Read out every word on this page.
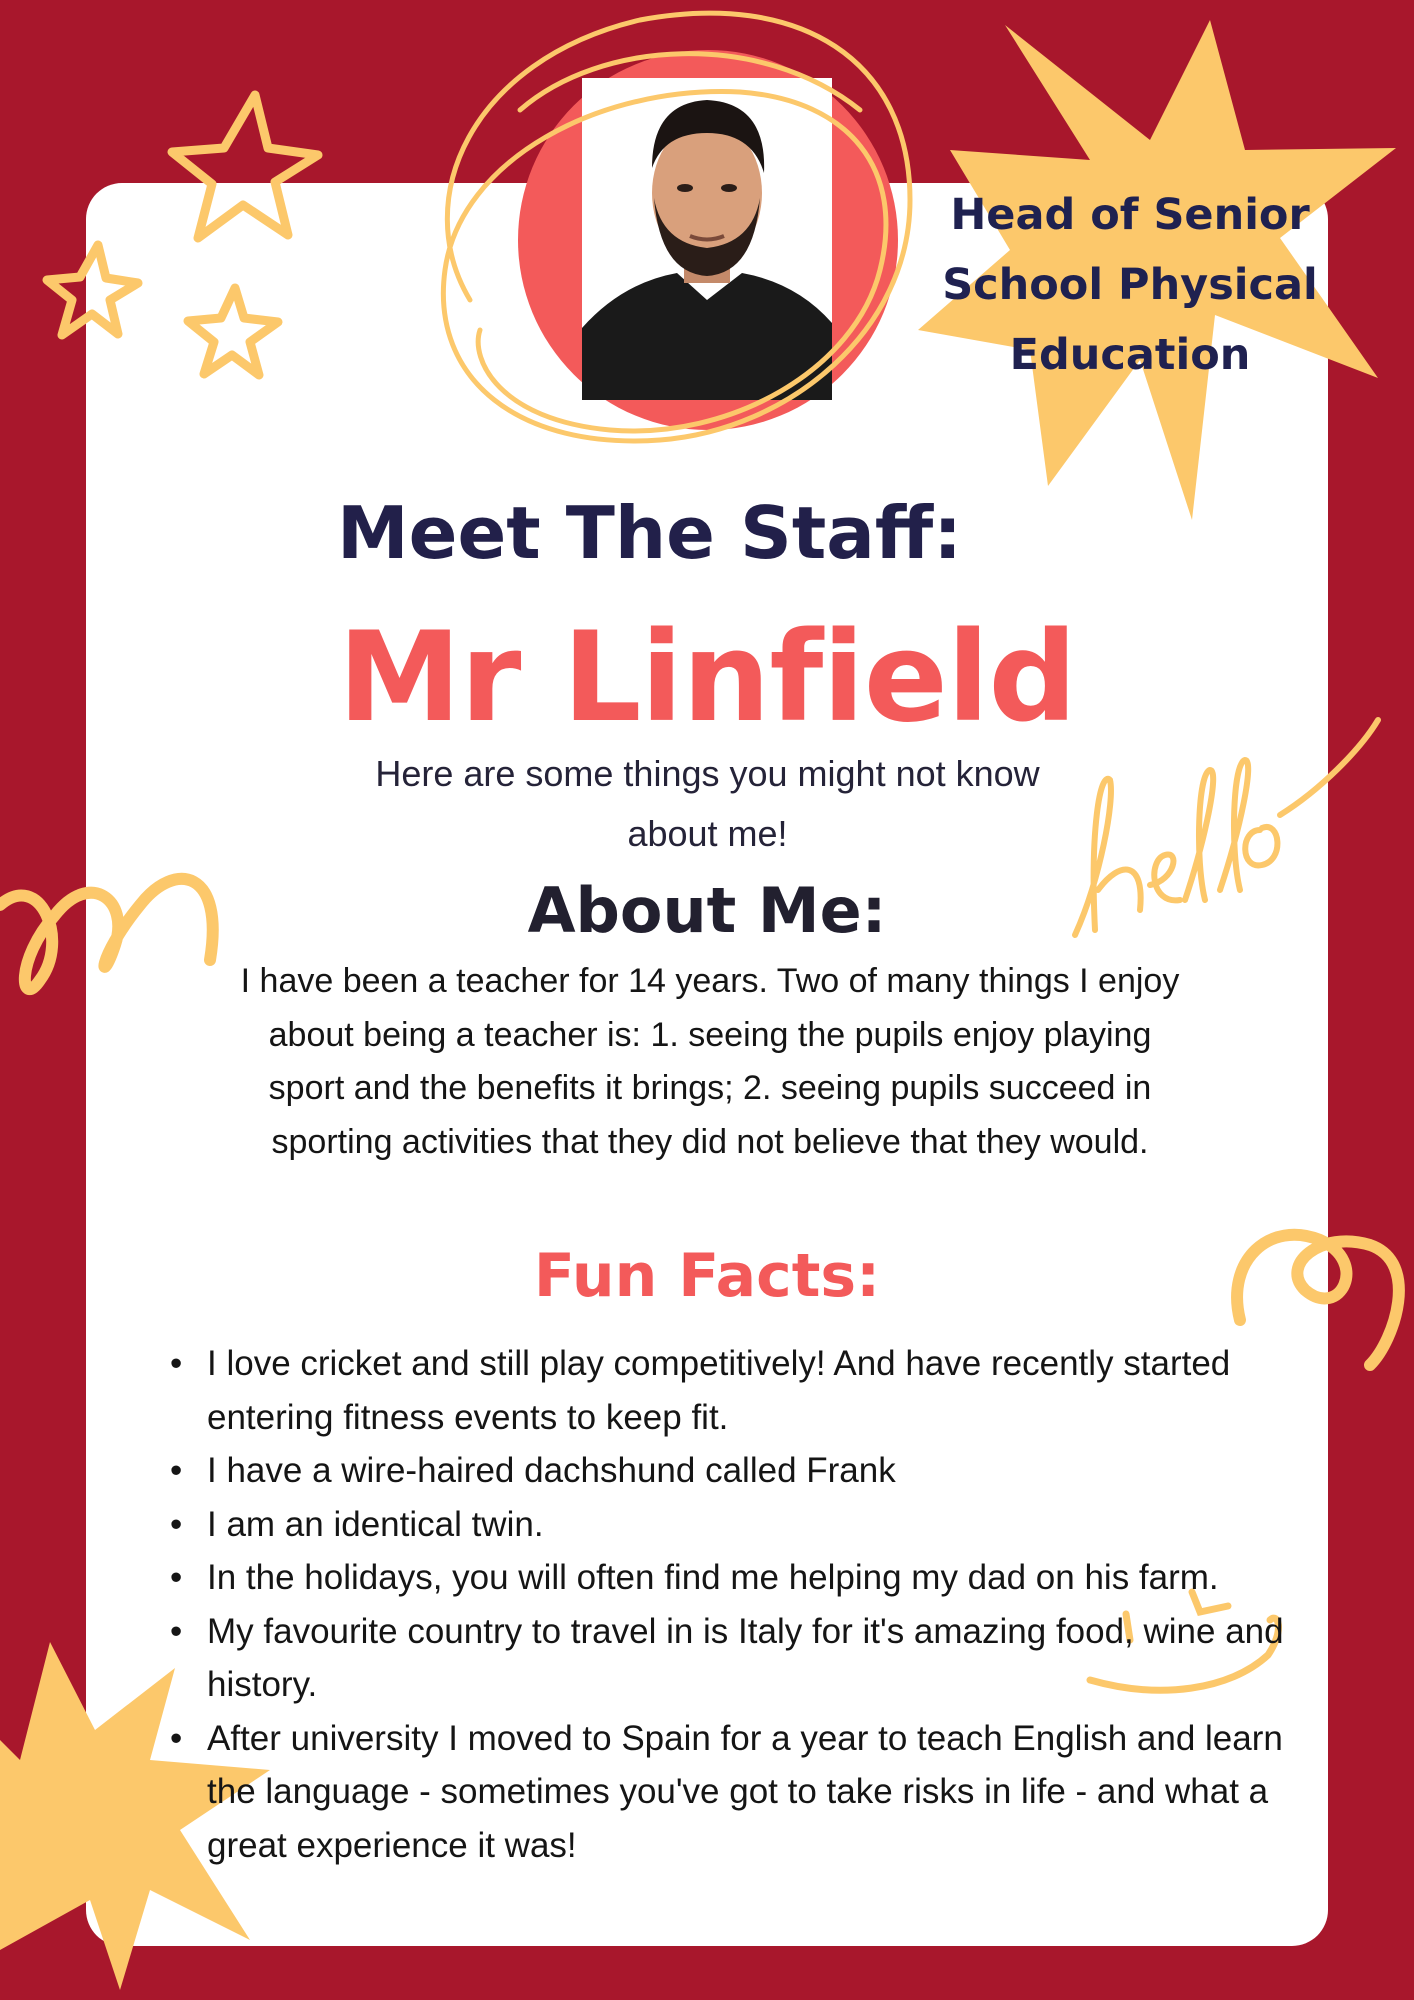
Head of Senior School Physical Education
Meet The Staff:
Mr Linfield

Here are some things you might not know about me!

About Me:

I have been a teacher for 14 years. Two of many things I enjoy about being a teacher is: 1. seeing the pupils enjoy playing sport and the benefits it brings; 2. seeing pupils succeed in sporting activities that they did not believe that they would.

Fun Facts:
• I love cricket and still play competitively! And have recently started entering fitness events to keep fit.
• I have a wire-haired dachshund called Frank
• I am an identical twin.
• In the holidays, you will often find me helping my dad on his farm.
• My favourite country to travel in is Italy for it's amazing food, wine and history.
• After university I moved to Spain for a year to teach English and learn the language - sometimes you've got to take risks in life - and what a great experience it was!
